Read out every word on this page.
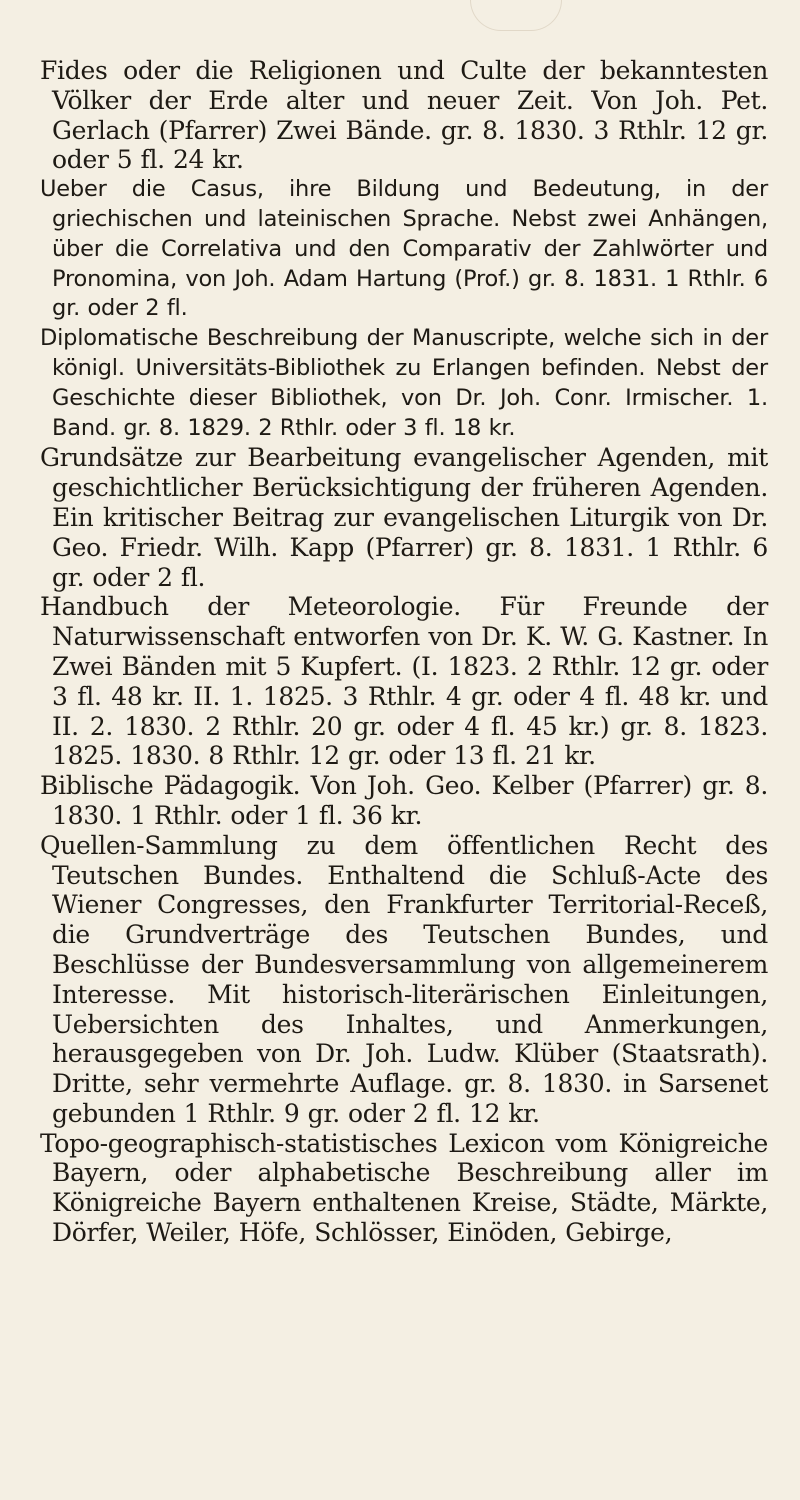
Fides oder die Religionen und Culte der bekanntesten Völker der Erde alter und neuer Zeit. Von Joh. Pet. Gerlach (Pfarrer) Zwei Bände. gr. 8. 1830. 3 Rthlr. 12 gr. oder 5 fl. 24 kr.

Ueber die Casus, ihre Bildung und Bedeutung, in der griechischen und lateinischen Sprache. Nebst zwei Anhängen, über die Correlativa und den Comparativ der Zahlwörter und Pronomina, von Joh. Adam Hartung (Prof.) gr. 8. 1831. 1 Rthlr. 6 gr. oder 2 fl.

Diplomatische Beschreibung der Manuscripte, welche sich in der königl. Universitäts-Bibliothek zu Erlangen befinden. Nebst der Geschichte dieser Bibliothek, von Dr. Joh. Conr. Irmischer. 1. Band. gr. 8. 1829. 2 Rthlr. oder 3 fl. 18 kr.

Grundsätze zur Bearbeitung evangelischer Agenden, mit geschichtlicher Berücksichtigung der früheren Agenden. Ein kritischer Beitrag zur evangelischen Liturgik von Dr. Geo. Friedr. Wilh. Kapp (Pfarrer) gr. 8. 1831. 1 Rthlr. 6 gr. oder 2 fl.

Handbuch der Meteorologie. Für Freunde der Naturwissenschaft entworfen von Dr. K. W. G. Kastner. In Zwei Bänden mit 5 Kupfert. (I. 1823. 2 Rthlr. 12 gr. oder 3 fl. 48 kr. II. 1. 1825. 3 Rthlr. 4 gr. oder 4 fl. 48 kr. und II. 2. 1830. 2 Rthlr. 20 gr. oder 4 fl. 45 kr.) gr. 8. 1823. 1825. 1830. 8 Rthlr. 12 gr. oder 13 fl. 21 kr.

Biblische Pädagogik. Von Joh. Geo. Kelber (Pfarrer) gr. 8. 1830. 1 Rthlr. oder 1 fl. 36 kr.

Quellen-Sammlung zu dem öffentlichen Recht des Teutschen Bundes. Enthaltend die Schluß-Acte des Wiener Congresses, den Frankfurter Territorial-Receß, die Grundverträge des Teutschen Bundes, und Beschlüsse der Bundesversammlung von allgemeinerem Interesse. Mit historisch-literärischen Einleitungen, Uebersichten des Inhaltes, und Anmerkungen, herausgegeben von Dr. Joh. Ludw. Klüber (Staatsrath). Dritte, sehr vermehrte Auflage. gr. 8. 1830. in Sarsenet gebunden 1 Rthlr. 9 gr. oder 2 fl. 12 kr.

Topo-geographisch-statistisches Lexicon vom Königreiche Bayern, oder alphabetische Beschreibung aller im Königreiche Bayern enthaltenen Kreise, Städte, Märkte, Dörfer, Weiler, Höfe, Schlösser, Einöden, Gebirge,
